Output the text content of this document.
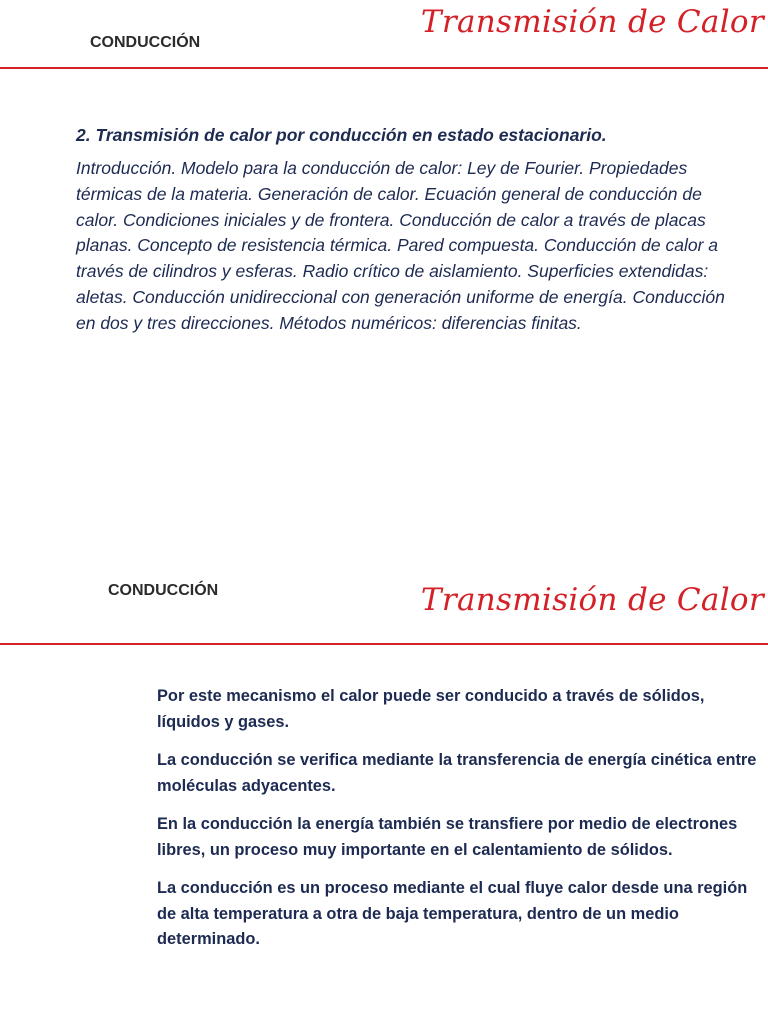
CONDUCCIÓN
Transmisión de Calor

2. Transmisión de calor por conducción en estado estacionario.

Introducción. Modelo para la conducción de calor: Ley de Fourier. Propiedades térmicas de la materia. Generación de calor. Ecuación general de conducción de calor. Condiciones iniciales y de frontera. Conducción de calor a través de placas planas. Concepto de resistencia térmica. Pared compuesta. Conducción de calor a través de cilindros y esferas. Radio crítico de aislamiento. Superficies extendidas: aletas. Conducción unidireccional con generación uniforme de energía. Conducción en dos y tres direcciones. Métodos numéricos: diferencias finitas.

CONDUCCIÓN	Transmisión de Calor

Por este mecanismo el calor puede ser conducido a través de sólidos, líquidos y gases.

La conducción se verifica mediante la transferencia de energía cinética entre moléculas adyacentes.

En la conducción la energía también se transfiere por medio de electrones libres, un proceso muy importante en el calentamiento de sólidos.

La conducción es un proceso mediante el cual fluye calor desde una región de alta temperatura a otra de baja temperatura, dentro de un medio determinado.
